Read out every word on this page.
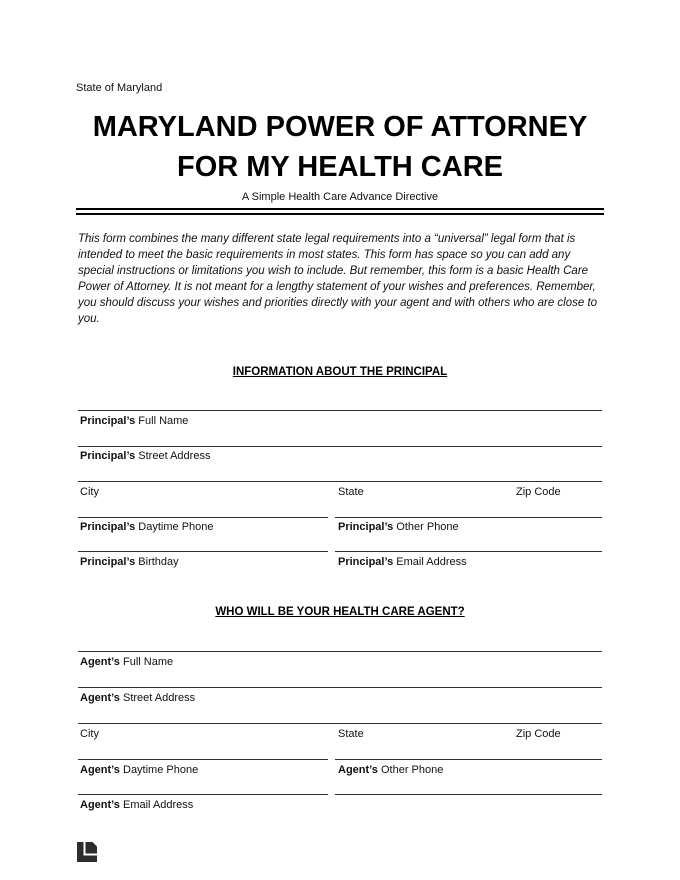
State of Maryland
MARYLAND POWER OF ATTORNEY
FOR MY HEALTH CARE
A Simple Health Care Advance Directive

This form combines the many different state legal requirements into a “universal” legal form that is intended to meet the basic requirements in most states. This form has space so you can add any special instructions or limitations you wish to include. But remember, this form is a basic Health Care Power of Attorney. It is not meant for a lengthy statement of your wishes and preferences. Remember, you should discuss your wishes and priorities directly with your agent and with others who are close to you.

INFORMATION ABOUT THE PRINCIPAL
Principal’s Full Name
Principal’s Street Address
City	State	Zip Code
Principal’s Daytime Phone	Principal’s Other Phone
Principal’s Birthday	Principal’s Email Address
WHO WILL BE YOUR HEALTH CARE AGENT?
Agent’s Full Name
Agent’s Street Address
City	State	Zip Code
Agent’s Daytime Phone	Agent’s Other Phone
Agent’s Email Address
